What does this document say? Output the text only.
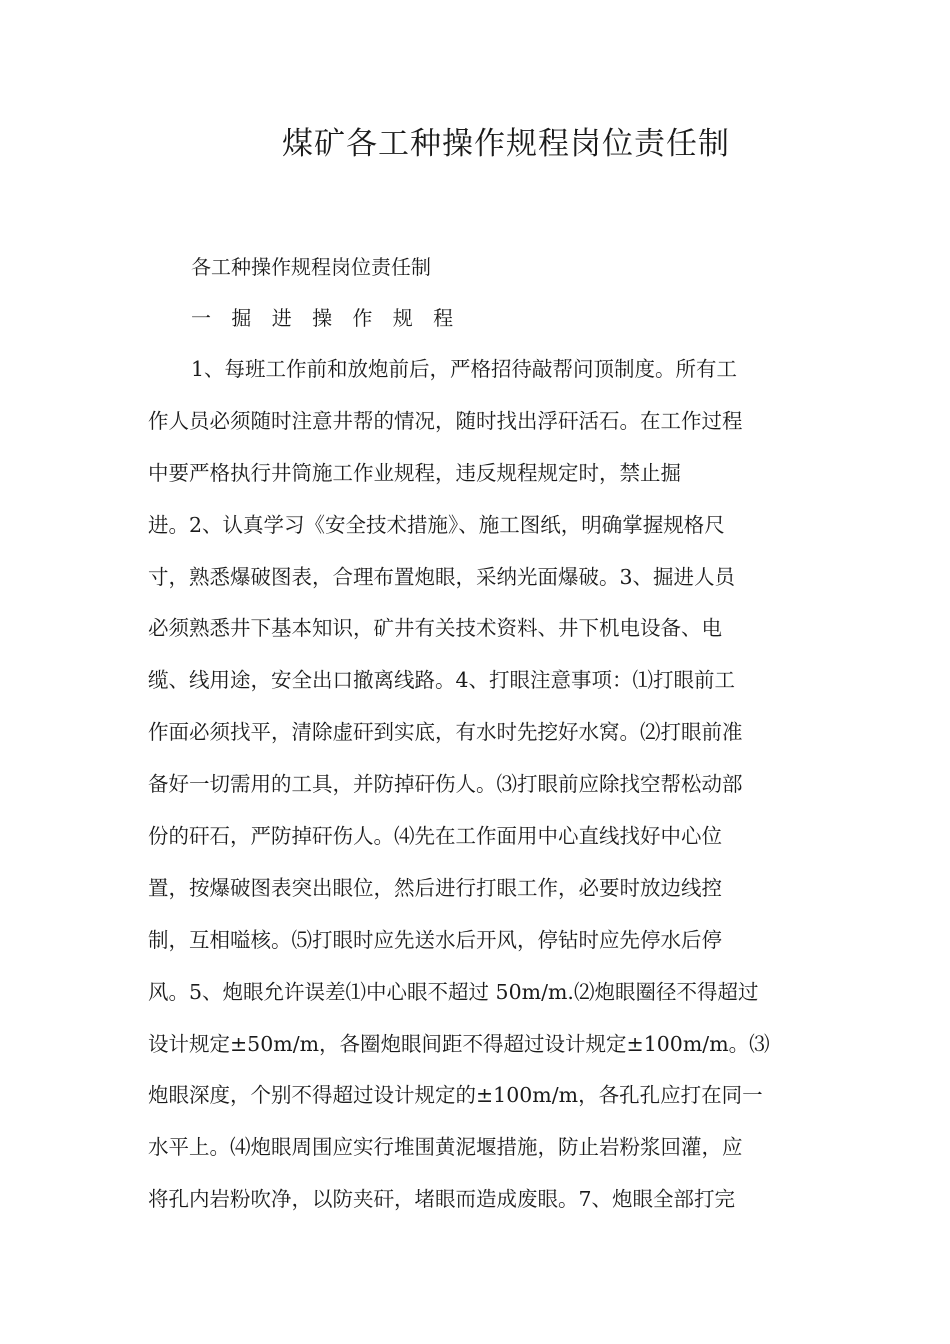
煤矿各工种操作规程岗位责任制
各工种操作规程岗位责任制
一 掘 进 操 作 规 程
1、每班工作前和放炮前后，严格招待敲帮问顶制度。所有工
作人员必须随时注意井帮的情况，随时找出浮矸活石。在工作过程
中要严格执行井筒施工作业规程，违反规程规定时，禁止掘
进。2、认真学习《安全技术措施》、施工图纸，明确掌握规格尺
寸，熟悉爆破图表，合理布置炮眼，采纳光面爆破。3、掘进人员
必须熟悉井下基本知识，矿井有关技术资料、井下机电设备、电
缆、线用途，安全出口撤离线路。4、打眼注意事项：⑴打眼前工
作面必须找平，清除虚矸到实底，有水时先挖好水窝。⑵打眼前准
备好一切需用的工具，并防掉矸伤人。⑶打眼前应除找空帮松动部
份的矸石，严防掉矸伤人。⑷先在工作面用中心直线找好中心位
置，按爆破图表突出眼位，然后进行打眼工作，必要时放边线控
制，互相嗌核。⑸打眼时应先送水后开风，停钻时应先停水后停
风。5、炮眼允许误差⑴中心眼不超过 50m/m.⑵炮眼圈径不得超过
设计规定±50m/m，各圈炮眼间距不得超过设计规定±100m/m。⑶
炮眼深度，个别不得超过设计规定的±100m/m，各孔孔应打在同一
水平上。⑷炮眼周围应实行堆围黄泥堰措施，防止岩粉浆回灌，应
将孔内岩粉吹净，以防夹矸，堵眼而造成废眼。7、炮眼全部打完
